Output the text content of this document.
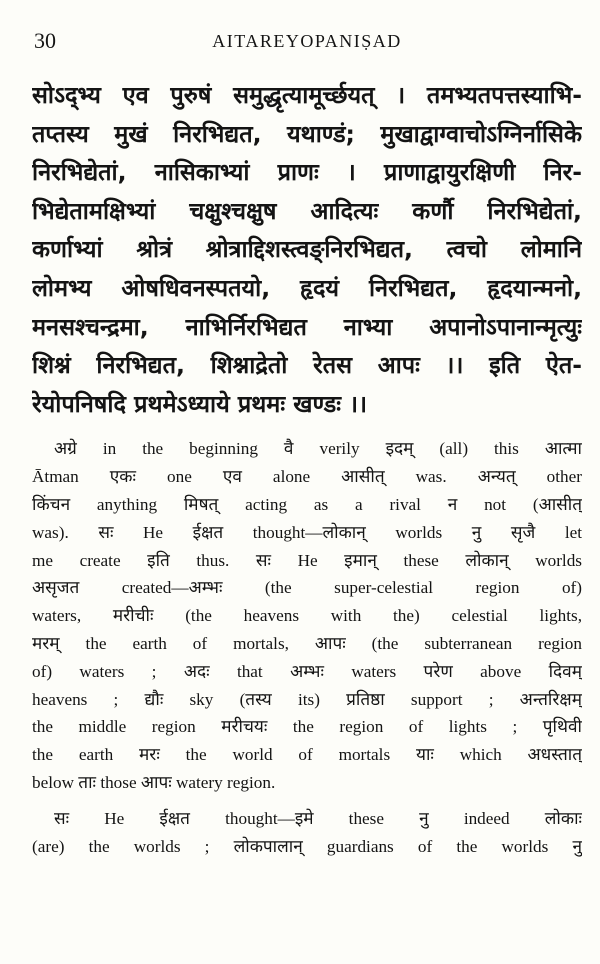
30	AITAREYOPANIṢAD
सोऽद्भ्य एव पुरुषं समुद्धृत्यामूर्च्छयत् । तमभ्यतपत्तस्याभि-
तप्तस्य मुखं निरभिद्यत, यथाण्डं; मुखाद्वाग्वाचोऽग्निर्नासिके
निरभिद्येतां, नासिकाभ्यां प्राणः । प्राणाद्वायुरक्षिणी निर-
भिद्येतामक्षिभ्यां चक्षुश्चक्षुष आदित्यः कर्णौ निरभिद्येतां,
कर्णाभ्यां श्रोत्रं श्रोत्राद्दिशस्त्वङ्निरभिद्यत, त्वचो लोमानि
लोमभ्य ओषधिवनस्पतयो, हृदयं निरभिद्यत, हृदयान्मनो,
मनसश्चन्द्रमा, नाभिर्निरभिद्यत नाभ्या अपानोऽपानान्मृत्युः
शिश्नं निरभिद्यत, शिश्नाद्रेतो रेतस आपः ।। इति ऐत-
रेयोपनिषदि प्रथमेऽध्याये प्रथमः खण्डः ।।
अग्रे in the beginning वै verily इदम् (all) this आत्मा
Ātman एकः one एव alone आसीत् was. अन्यत् other
किंचन anything मिषत् acting as a rival न not (आसीत्
was). सः He ईक्षत thought—लोकान् worlds नु सृजै let
me create इति thus. सः He इमान् these लोकान् worlds
असृजत created—अम्भः (the super-celestial region of)
waters, मरीचीः (the heavens with the) celestial lights,
मरम् the earth of mortals, आपः (the subterranean region
of) waters ; अदः that अम्भः waters परेण above दिवम्
heavens ; द्यौः sky (तस्य its) प्रतिष्ठा support ; अन्तरिक्षम्
the middle region मरीचयः the region of lights ; पृथिवी
the earth मरः the world of mortals याः which अधस्तात्
below ताः those आपः watery region.
सः He ईक्षत thought—इमे these नु indeed लोकाः
(are) the worlds ; लोकपालान् guardians of the worlds नु
